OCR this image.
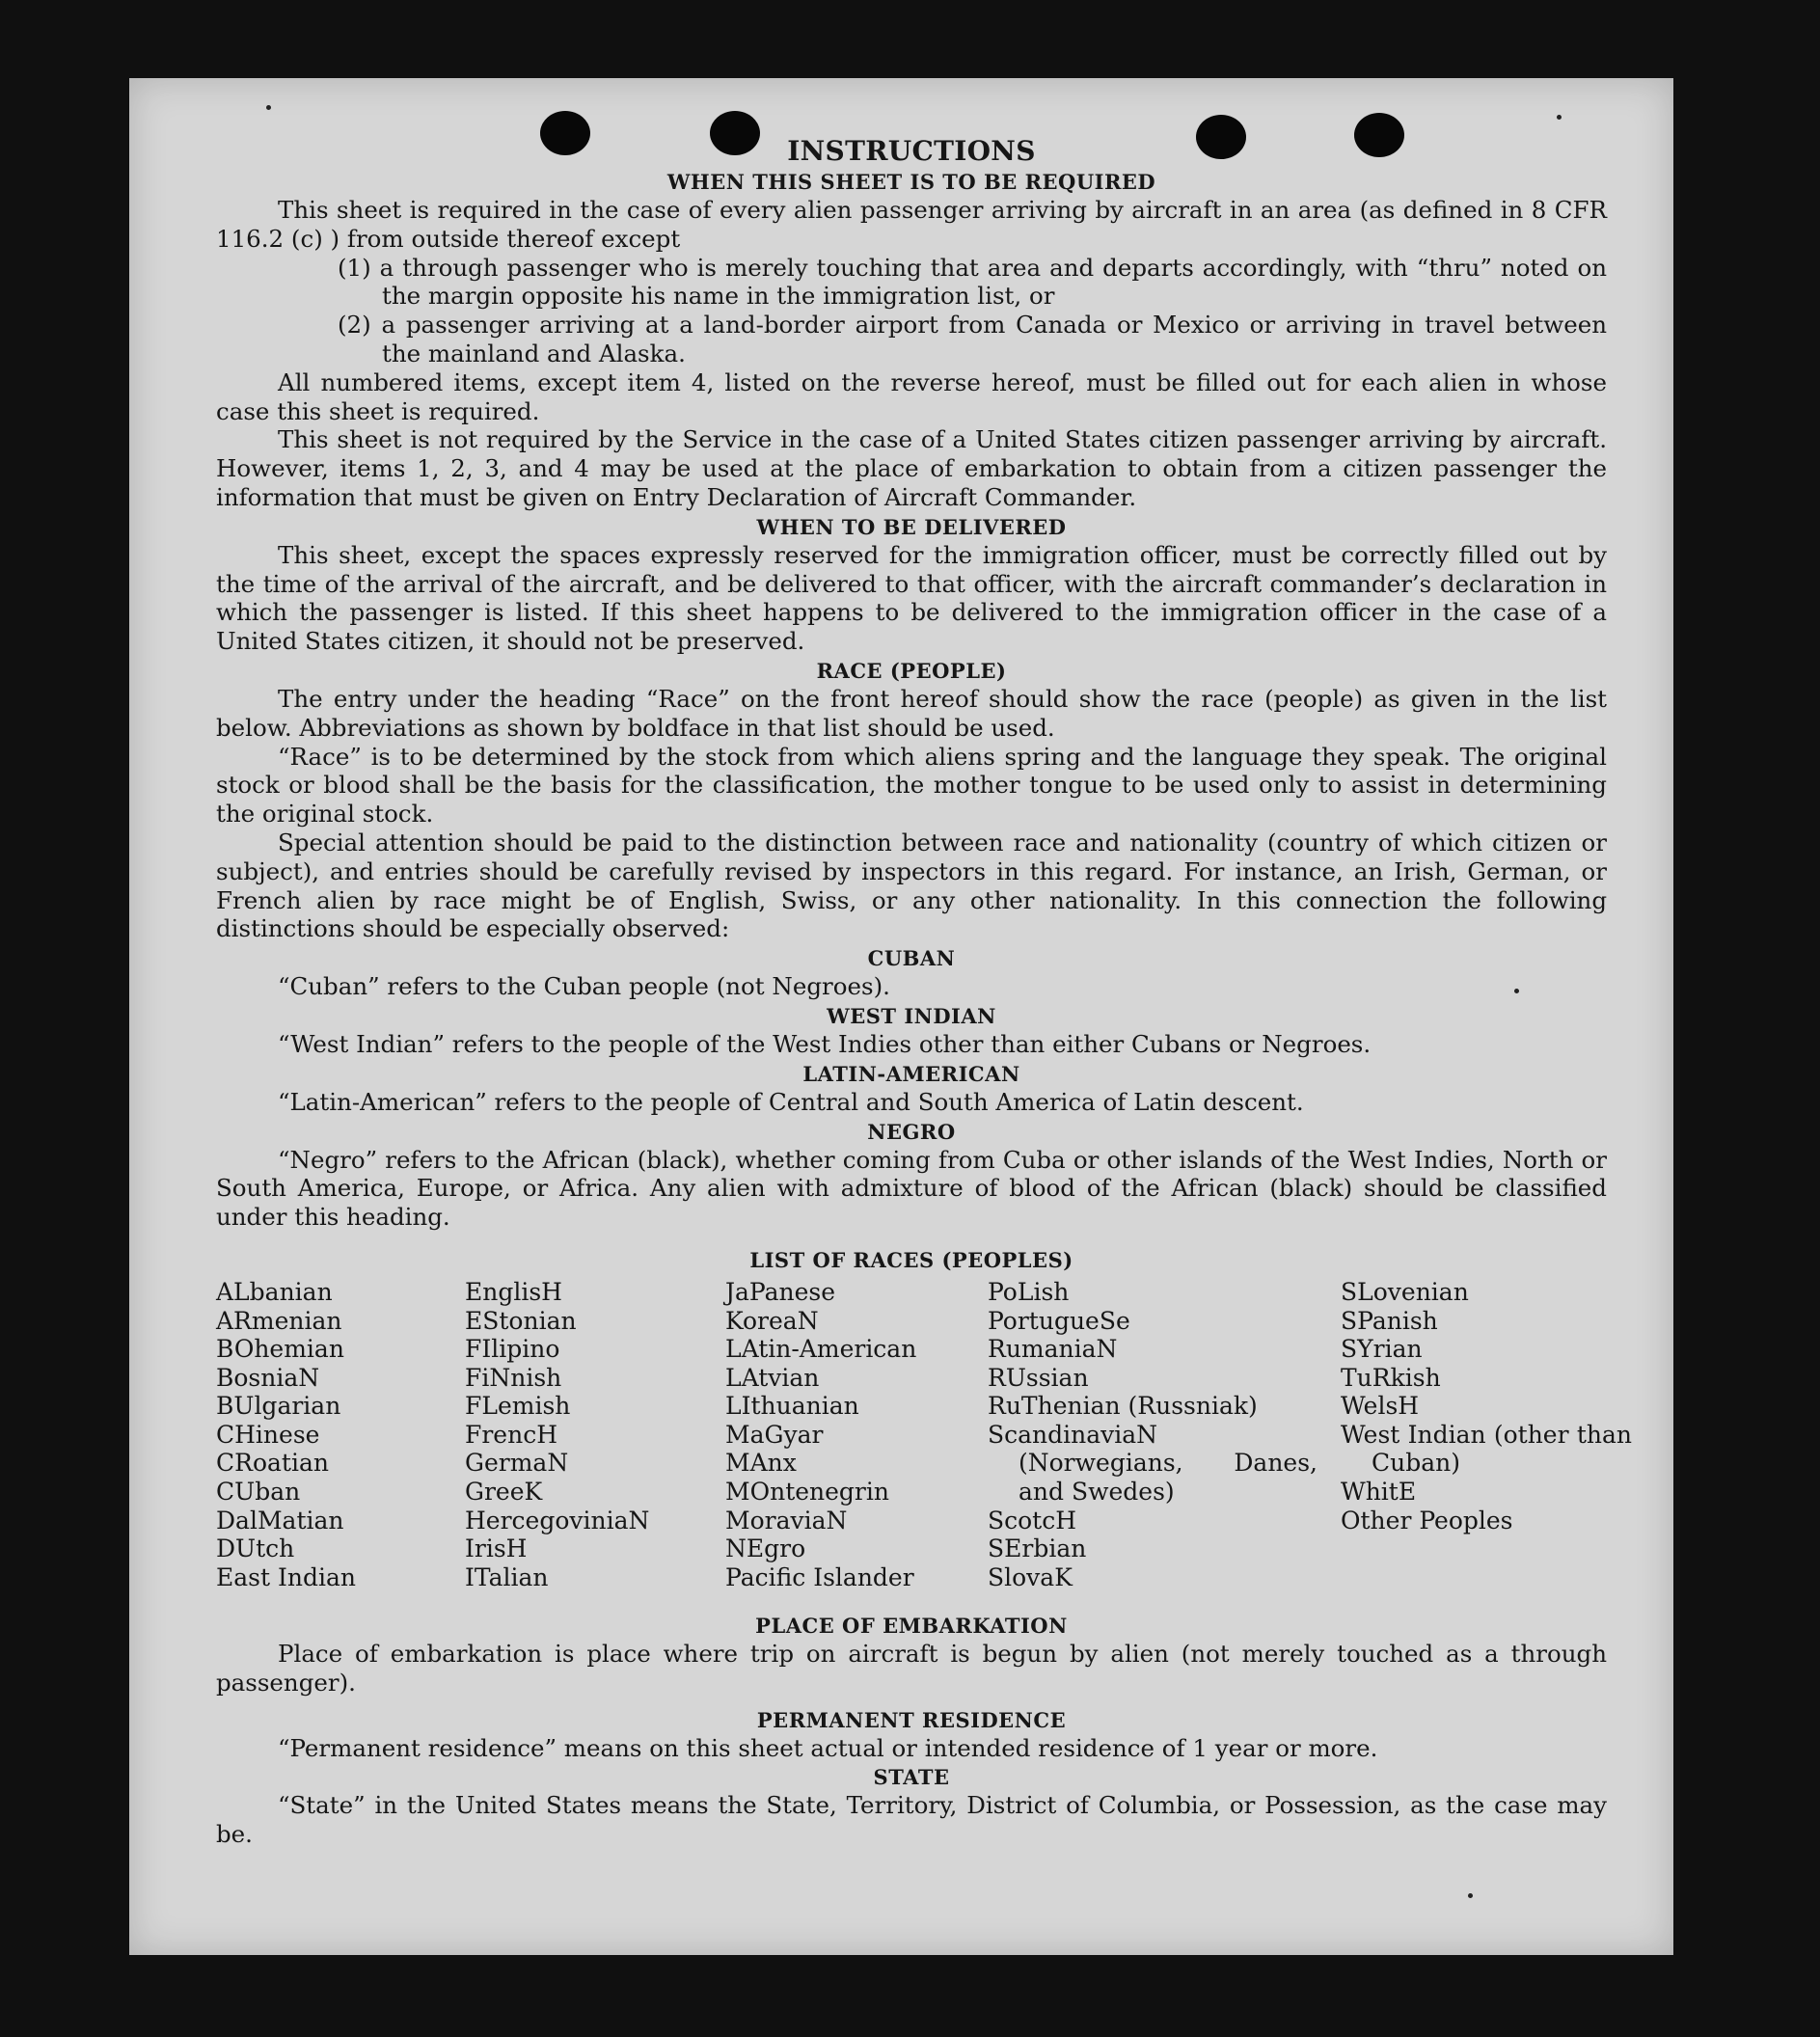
INSTRUCTIONS

WHEN THIS SHEET IS TO BE REQUIRED

This sheet is required in the case of every alien passenger arriving by aircraft in an area (as defined in 8 CFR 116.2 (c) ) from outside thereof except

(1) a through passenger who is merely touching that area and departs accordingly, with “thru” noted on the margin opposite his name in the immigration list, or

(2) a passenger arriving at a land-border airport from Canada or Mexico or arriving in travel between the mainland and Alaska.

All numbered items, except item 4, listed on the reverse hereof, must be filled out for each alien in whose case this sheet is required.

This sheet is not required by the Service in the case of a United States citizen passenger arriving by aircraft. However, items 1, 2, 3, and 4 may be used at the place of embarkation to obtain from a citizen passenger the information that must be given on Entry Declaration of Aircraft Commander.

WHEN TO BE DELIVERED

This sheet, except the spaces expressly reserved for the immigration officer, must be correctly filled out by the time of the arrival of the aircraft, and be delivered to that officer, with the aircraft commander’s declaration in which the passenger is listed. If this sheet happens to be delivered to the immigration officer in the case of a United States citizen, it should not be preserved.

RACE (PEOPLE)

The entry under the heading “Race” on the front hereof should show the race (people) as given in the list below. Abbreviations as shown by boldface in that list should be used.

“Race” is to be determined by the stock from which aliens spring and the language they speak. The original stock or blood shall be the basis for the classification, the mother tongue to be used only to assist in determining the original stock.

Special attention should be paid to the distinction between race and nationality (country of which citizen or subject), and entries should be carefully revised by inspectors in this regard. For instance, an Irish, German, or French alien by race might be of English, Swiss, or any other nationality. In this connection the following distinctions should be especially observed:

CUBAN

“Cuban” refers to the Cuban people (not Negroes).

WEST INDIAN

“West Indian” refers to the people of the West Indies other than either Cubans or Negroes.

LATIN-AMERICAN

“Latin-American” refers to the people of Central and South America of Latin descent.

NEGRO

“Negro” refers to the African (black), whether coming from Cuba or other islands of the West Indies, North or South America, Europe, or Africa. Any alien with admixture of blood of the African (black) should be classified under this heading.

LIST OF RACES (PEOPLES)

ALbanian
ARmenian
BOhemian
BosniaN
BUlgarian
CHinese
CRoatian
CUban
DalMatian
DUtch
East Indian
EnglisH
EStonian
FIlipino
FiNnish
FLemish
FrencH
GermaN
GreeK
HercegoviniaN
IrisH
ITalian
JaPanese
KoreaN
LAtin-American
LAtvian
LIthuanian
MaGyar
MAnx
MOntenegrin
MoraviaN
NEgro
Pacific Islander
PoLish
PortugueSe
RumaniaN
RUssian
RuThenian (Russniak)
ScandinaviaN (Norwegians, Danes, and Swedes)
ScotcH
SErbian
SlovaK
SLovenian
SPanish
SYrian
TuRkish
WelsH
West Indian (other than Cuban)
WhitE
Other Peoples

PLACE OF EMBARKATION

Place of embarkation is place where trip on aircraft is begun by alien (not merely touched as a through passenger).

PERMANENT RESIDENCE

“Permanent residence” means on this sheet actual or intended residence of 1 year or more.

STATE

“State” in the United States means the State, Territory, District of Columbia, or Possession, as the case may be.
